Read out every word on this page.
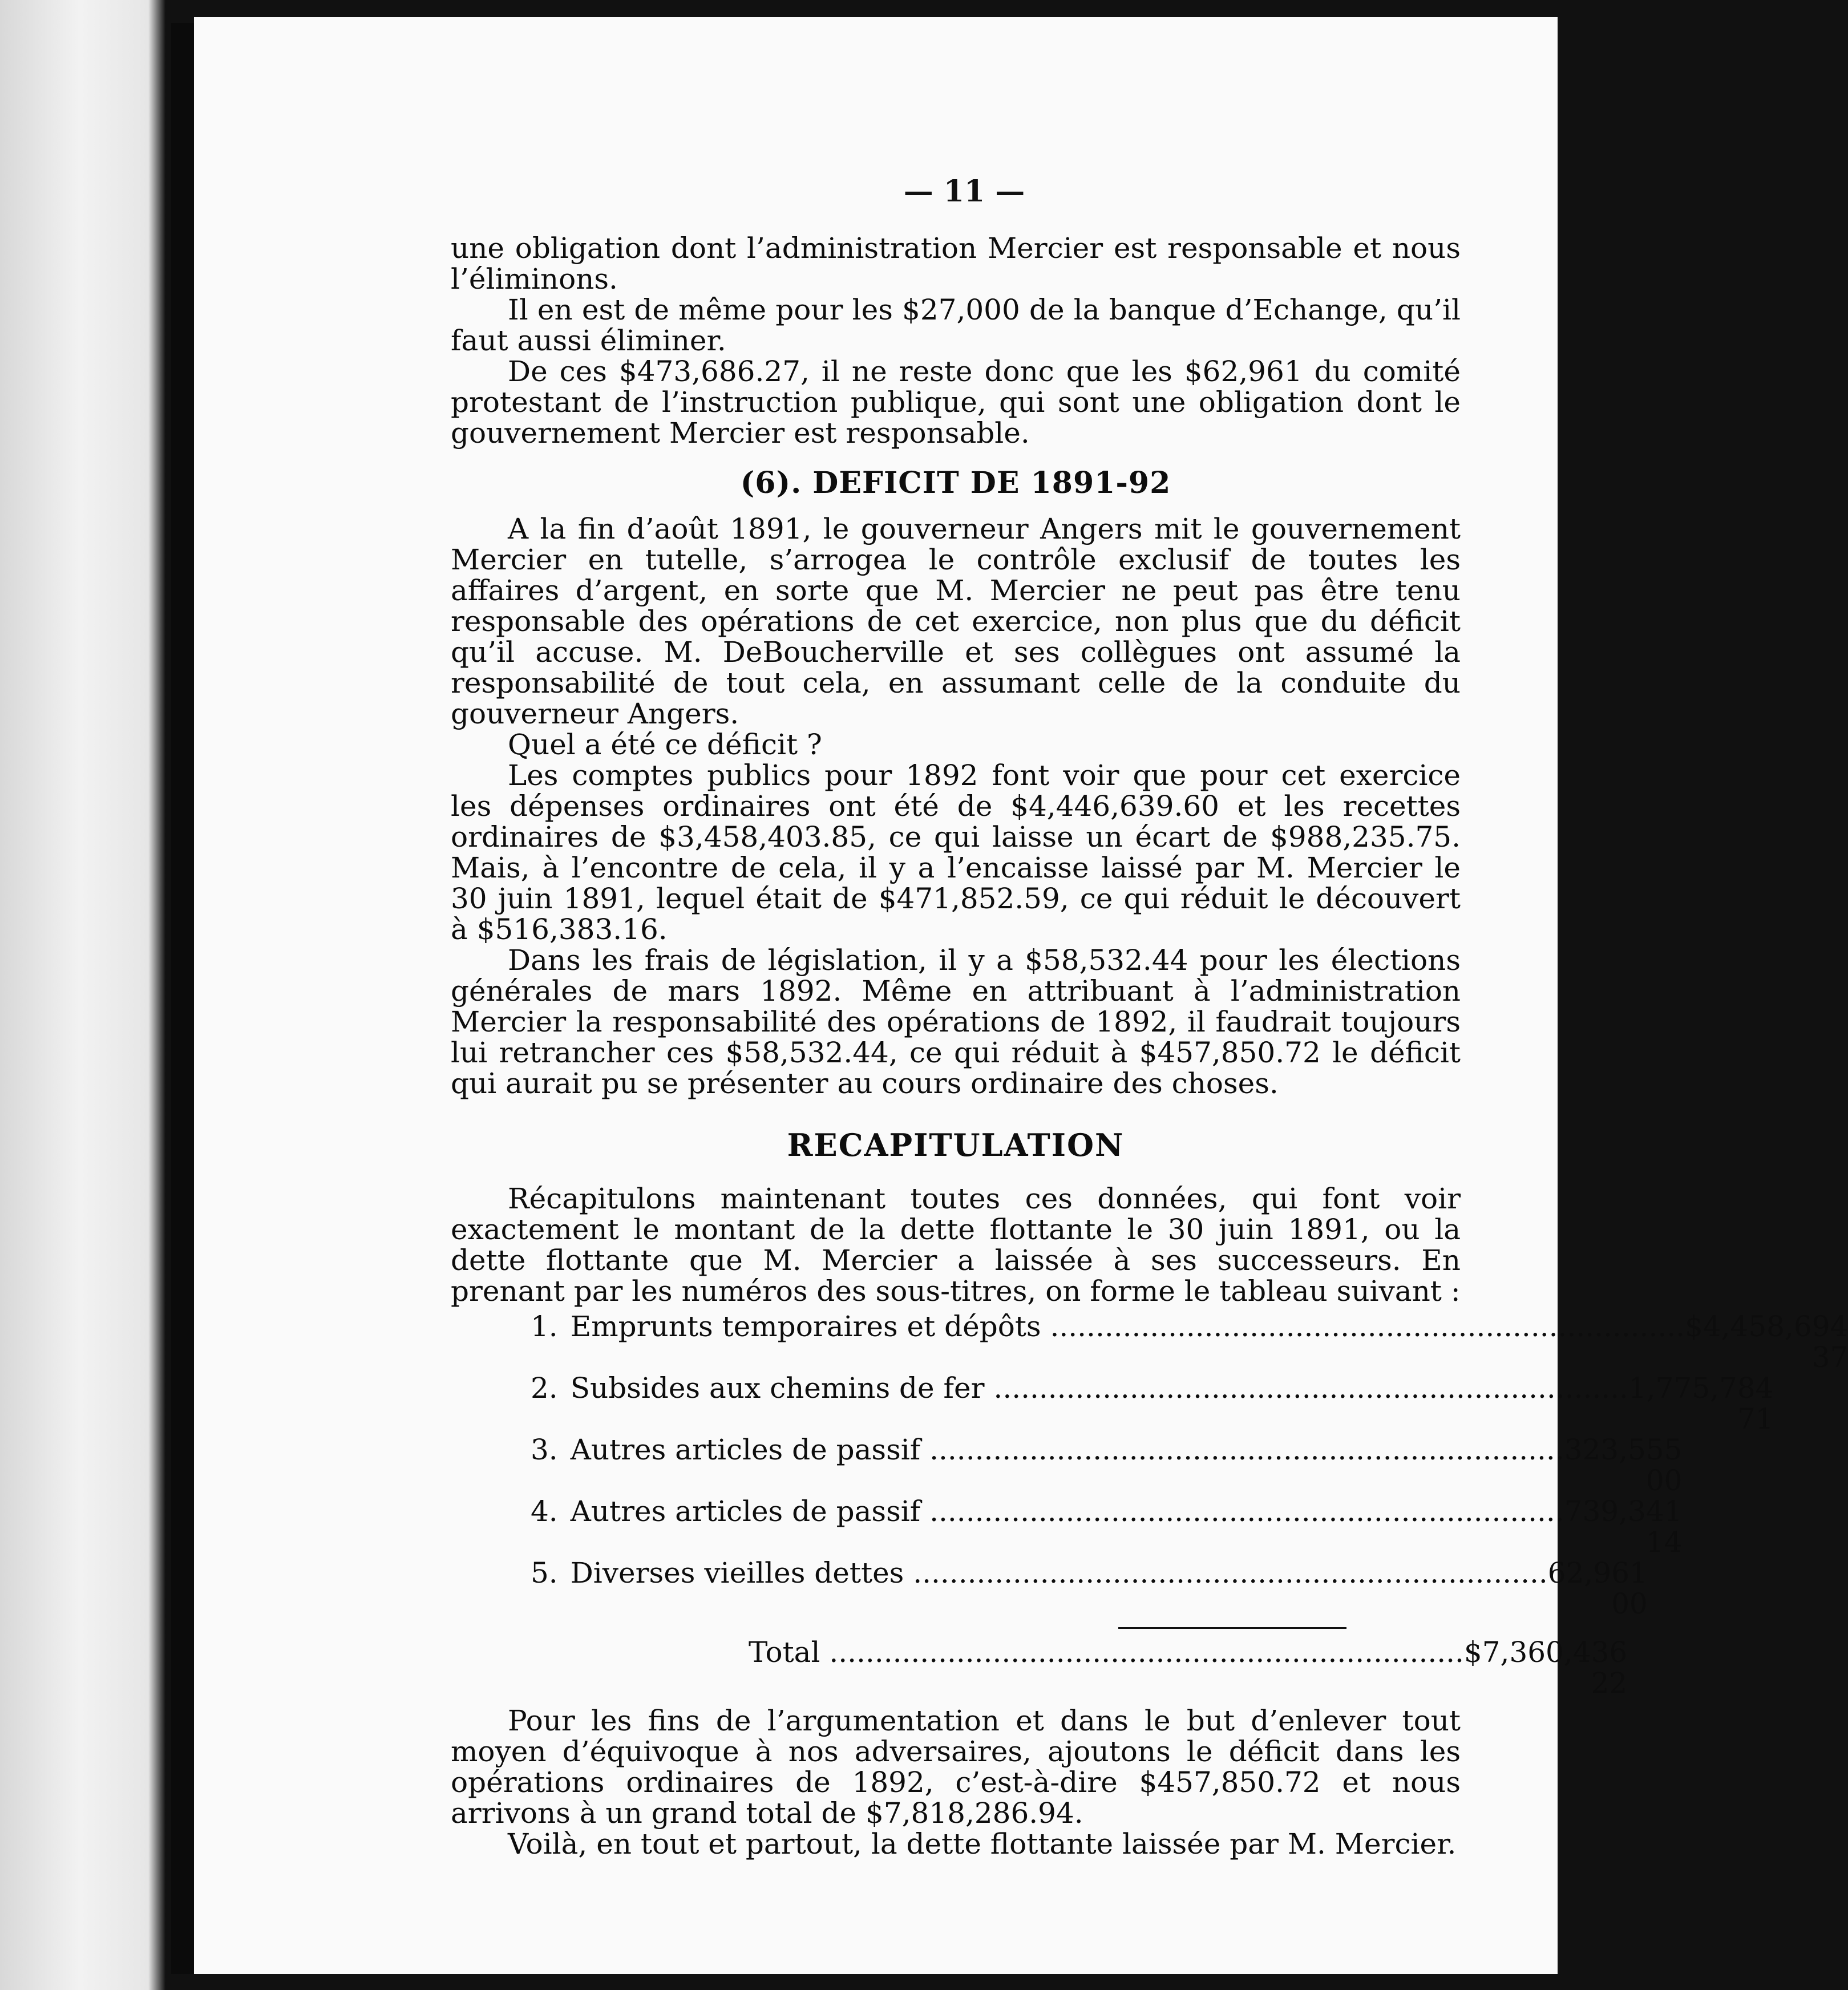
— 11 —

une obligation dont l’administration Mercier est responsable et nous l’éliminons.

Il en est de même pour les $27,000 de la banque d’Echange, qu’il faut aussi éliminer.

De ces $473,686.27, il ne reste donc que les $62,961 du comité protestant de l’instruction publique, qui sont une obligation dont le gouvernement Mercier est responsable.

(6). DEFICIT DE 1891-92

A la fin d’août 1891, le gouverneur Angers mit le gouvernement Mercier en tutelle, s’arrogea le contrôle exclusif de toutes les affaires d’argent, en sorte que M. Mercier ne peut pas être tenu responsable des opérations de cet exercice, non plus que du déficit qu’il accuse. M. DeBoucherville et ses collègues ont assumé la responsabilité de tout cela, en assumant celle de la conduite du gouverneur Angers.

Quel a été ce déficit ?

Les comptes publics pour 1892 font voir que pour cet exercice les dépenses ordinaires ont été de $4,446,639.60 et les recettes ordinaires de $3,458,403.85, ce qui laisse un écart de $988,235.75. Mais, à l’encontre de cela, il y a l’encaisse laissé par M. Mercier le 30 juin 1891, lequel était de $471,852.59, ce qui réduit le découvert à $516,383.16.

Dans les frais de législation, il y a $58,532.44 pour les élections générales de mars 1892. Même en attribuant à l’administration Mercier la responsabilité des opérations de 1892, il faudrait toujours lui retrancher ces $58,532.44, ce qui réduit à $457,850.72 le déficit qui aurait pu se présenter au cours ordinaire des choses.

RECAPITULATION

Récapitulons maintenant toutes ces données, qui font voir exactement le montant de la dette flottante le 30 juin 1891, ou la dette flottante que M. Mercier a laissée à ses successeurs. En prenant par les numéros des sous-titres, on forme le tableau suivant :

1. Emprunts temporaires et dépôts ...................................................................... $4,458,694 37
2. Subsides aux chemins de fer ...................................................................... 1,775,784 71
3. Autres articles de passif ...................................................................... 323,555 00
4. Autres articles de passif ...................................................................... 739,341 14
5. Diverses vieilles dettes ...................................................................... 62,961 00
Total ...................................................................... $7,360,436 22

Pour les fins de l’argumentation et dans le but d’enlever tout moyen d’équivoque à nos adversaires, ajoutons le déficit dans les opérations ordinaires de 1892, c’est-à-dire $457,850.72 et nous arrivons à un grand total de $7,818,286.94.

Voilà, en tout et partout, la dette flottante laissée par M. Mercier.
